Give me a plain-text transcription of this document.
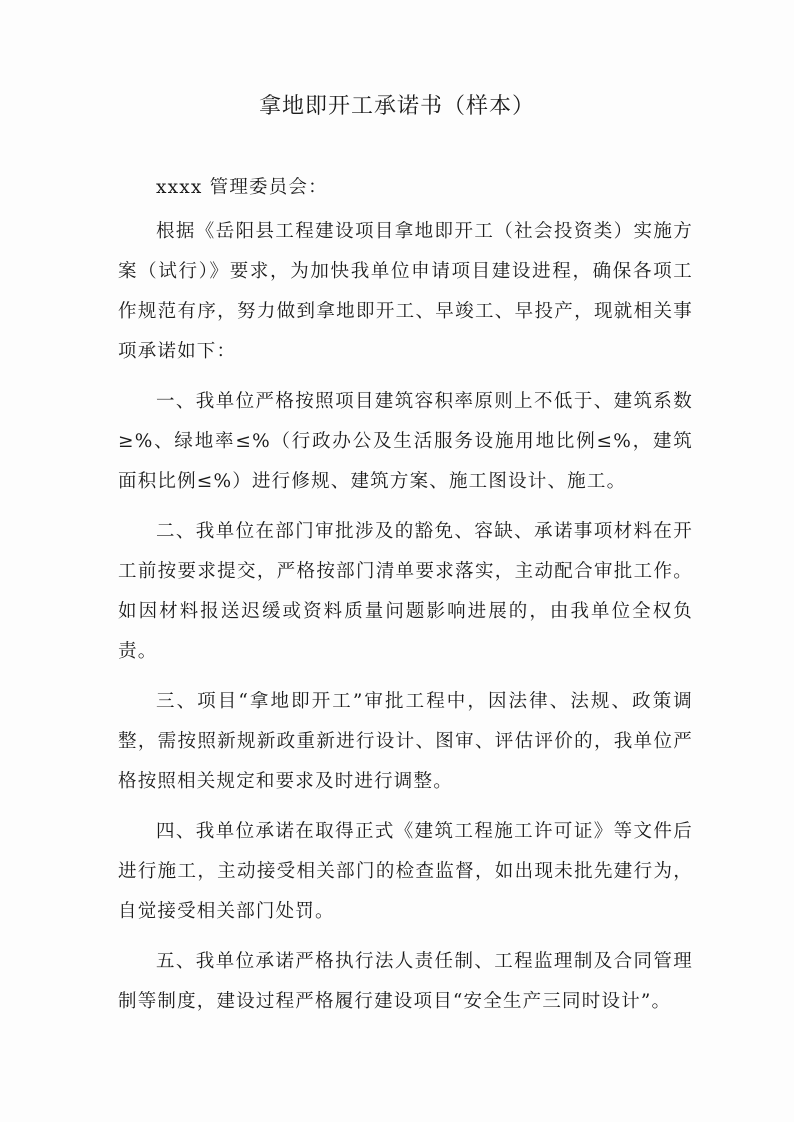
拿地即开工承诺书（样本）

xxxx 管理委员会：

根据《岳阳县工程建设项目拿地即开工（社会投资类）实施方案（试行）》要求，为加快我单位申请项目建设进程，确保各项工作规范有序，努力做到拿地即开工、早竣工、早投产，现就相关事项承诺如下：

一、我单位严格按照项目建筑容积率原则上不低于、建筑系数≥%、绿地率≤%（行政办公及生活服务设施用地比例≤%，建筑面积比例≤%）进行修规、建筑方案、施工图设计、施工。

二、我单位在部门审批涉及的豁免、容缺、承诺事项材料在开工前按要求提交，严格按部门清单要求落实，主动配合审批工作。如因材料报送迟缓或资料质量问题影响进展的，由我单位全权负责。

三、项目“拿地即开工”审批工程中，因法律、法规、政策调整，需按照新规新政重新进行设计、图审、评估评价的，我单位严格按照相关规定和要求及时进行调整。

四、我单位承诺在取得正式《建筑工程施工许可证》等文件后进行施工，主动接受相关部门的检查监督，如出现未批先建行为，自觉接受相关部门处罚。

五、我单位承诺严格执行法人责任制、工程监理制及合同管理制等制度，建设过程严格履行建设项目“安全生产三同时设计”。
